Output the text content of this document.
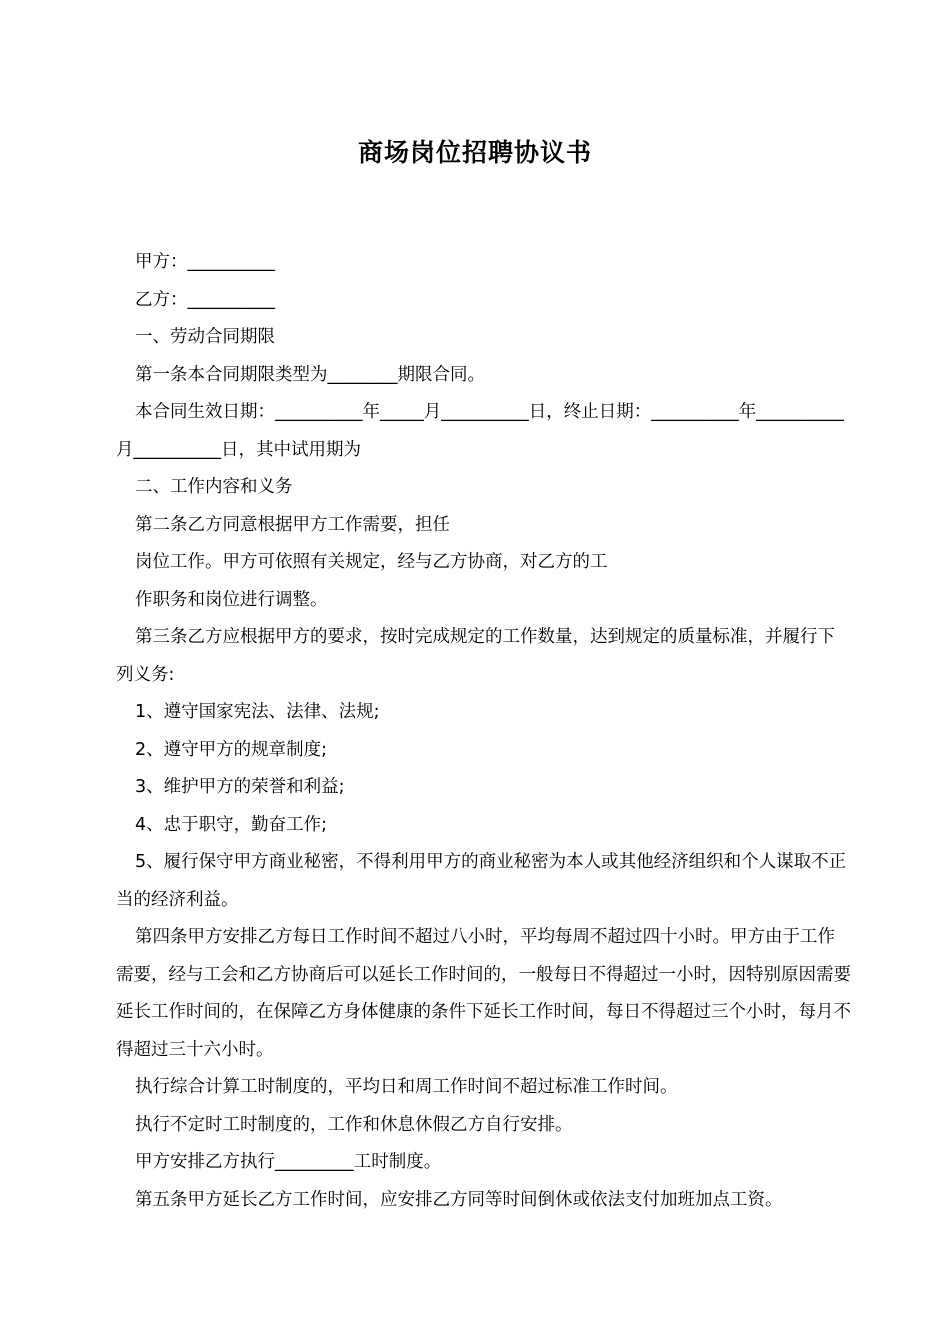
商场岗位招聘协议书

甲方：__________

乙方：__________

一、劳动合同期限

第一条本合同期限类型为________期限合同。

本合同生效日期：__________年_____月__________日，终止日期：__________年__________月__________日，其中试用期为

二、工作内容和义务

第二条乙方同意根据甲方工作需要，担任

岗位工作。甲方可依照有关规定，经与乙方协商，对乙方的工

作职务和岗位进行调整。

第三条乙方应根据甲方的要求，按时完成规定的工作数量，达到规定的质量标准，并履行下列义务:

1、遵守国家宪法、法律、法规;

2、遵守甲方的规章制度;

3、维护甲方的荣誉和利益;

4、忠于职守，勤奋工作;

5、履行保守甲方商业秘密，不得利用甲方的商业秘密为本人或其他经济组织和个人谋取不正当的经济利益。

第四条甲方安排乙方每日工作时间不超过八小时，平均每周不超过四十小时。甲方由于工作需要，经与工会和乙方协商后可以延长工作时间的，一般每日不得超过一小时，因特别原因需要延长工作时间的，在保障乙方身体健康的条件下延长工作时间，每日不得超过三个小时，每月不得超过三十六小时。

执行综合计算工时制度的，平均日和周工作时间不超过标准工作时间。

执行不定时工时制度的，工作和休息休假乙方自行安排。

甲方安排乙方执行_________工时制度。

第五条甲方延长乙方工作时间，应安排乙方同等时间倒休或依法支付加班加点工资。
